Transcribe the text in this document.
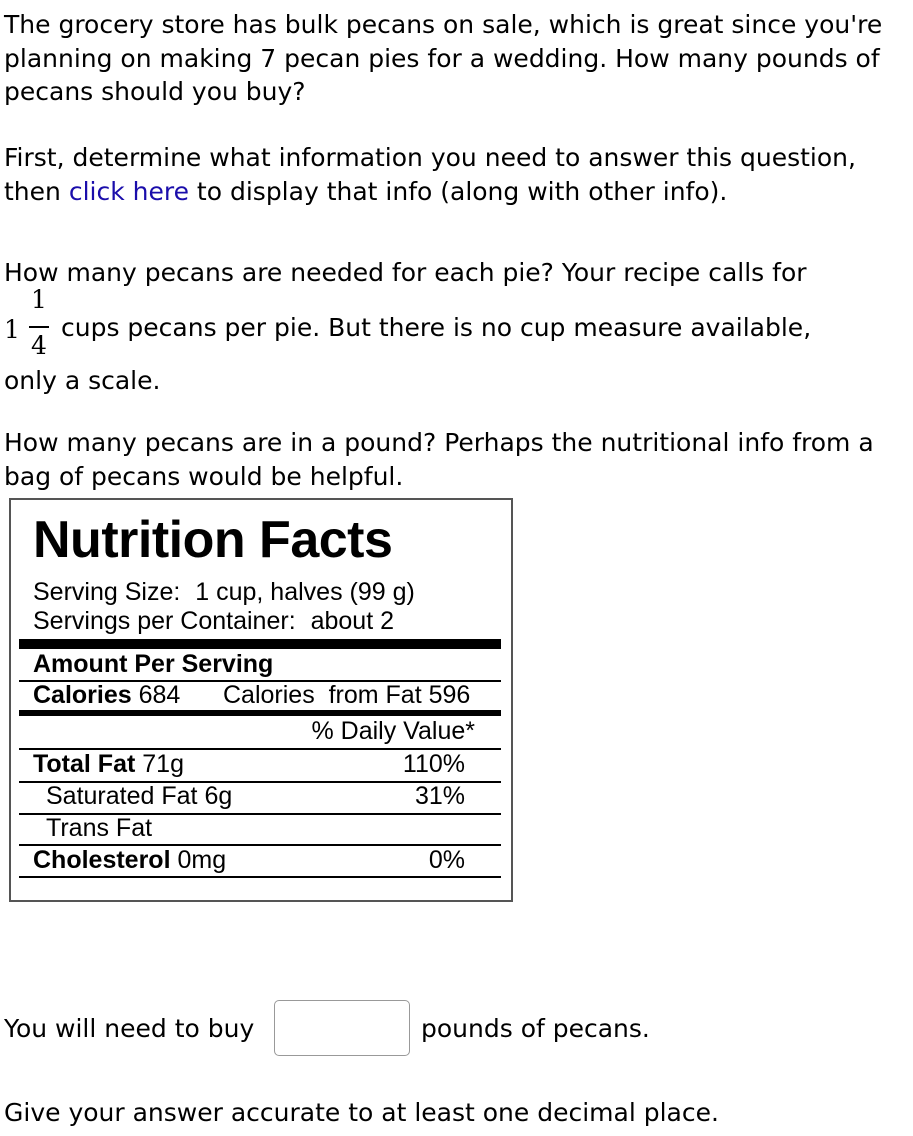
The grocery store has bulk pecans on sale, which is great since you're planning on making 7 pecan pies for a wedding. How many pounds of pecans should you buy?
First, determine what information you need to answer this question, then click here to display that info (along with other info).
How many pecans are needed for each pie? Your recipe calls for
1
1
4
cups pecans per pie. But there is no cup measure available,
only a scale.
How many pecans are in a pound? Perhaps the nutritional info from a bag of pecans would be helpful.
Nutrition Facts
Serving Size: 1 cup, halves (99 g)
Servings per Container: about 2
Amount Per Serving
Calories 684 Calories  from Fat 596
% Daily Value*
Total Fat 71g	110%
Saturated Fat 6g	31%
Trans Fat
Cholesterol 0mg	0%
You will need to buy	pounds of pecans.
Give your answer accurate to at least one decimal place.
